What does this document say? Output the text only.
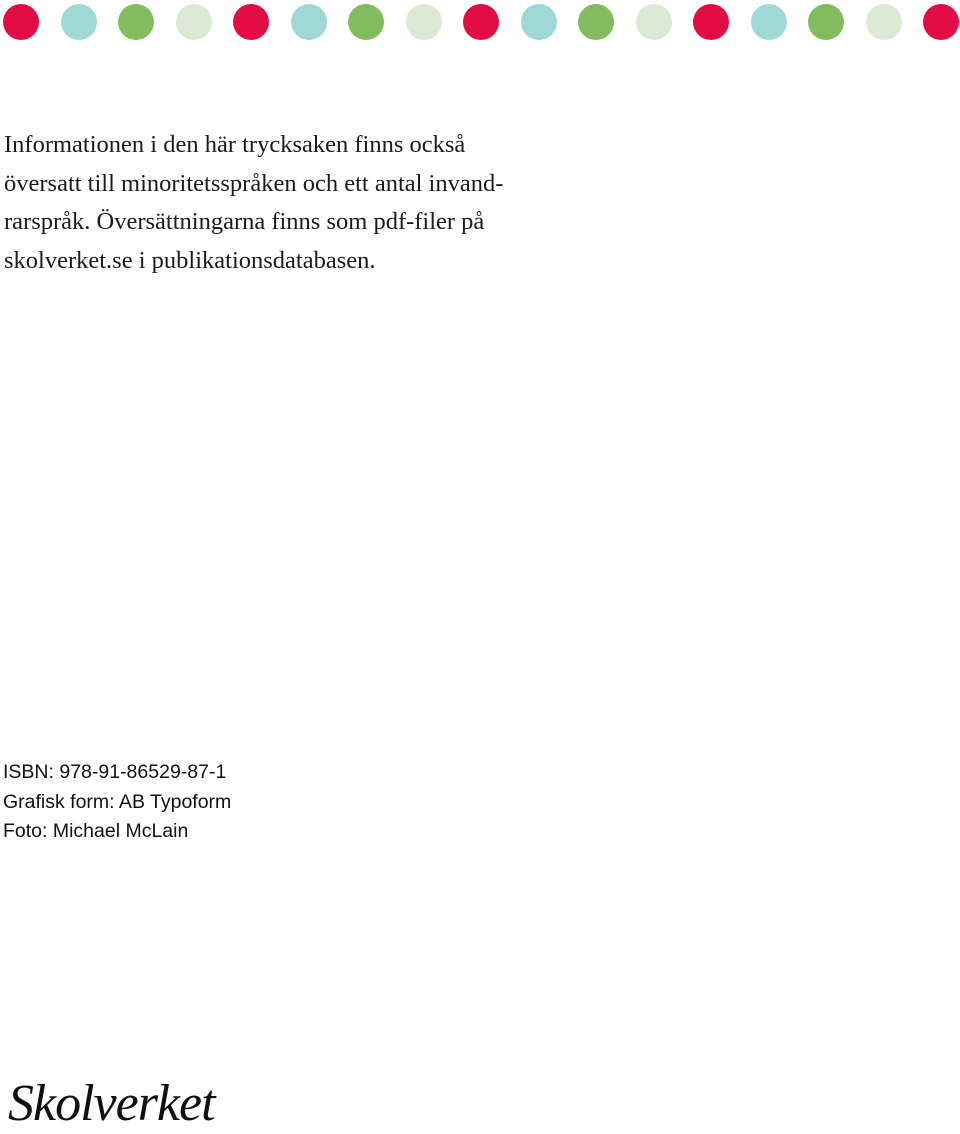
Informationen i den här trycksaken finns också
översatt till minoritetsspråken och ett antal invand-
rarspråk. Översättningarna finns som pdf-filer på
skolverket.se i publikationsdatabasen.

ISBN: 978-91-86529-87-1
Grafisk form: AB Typoform
Foto: Michael McLain
Skolverket
